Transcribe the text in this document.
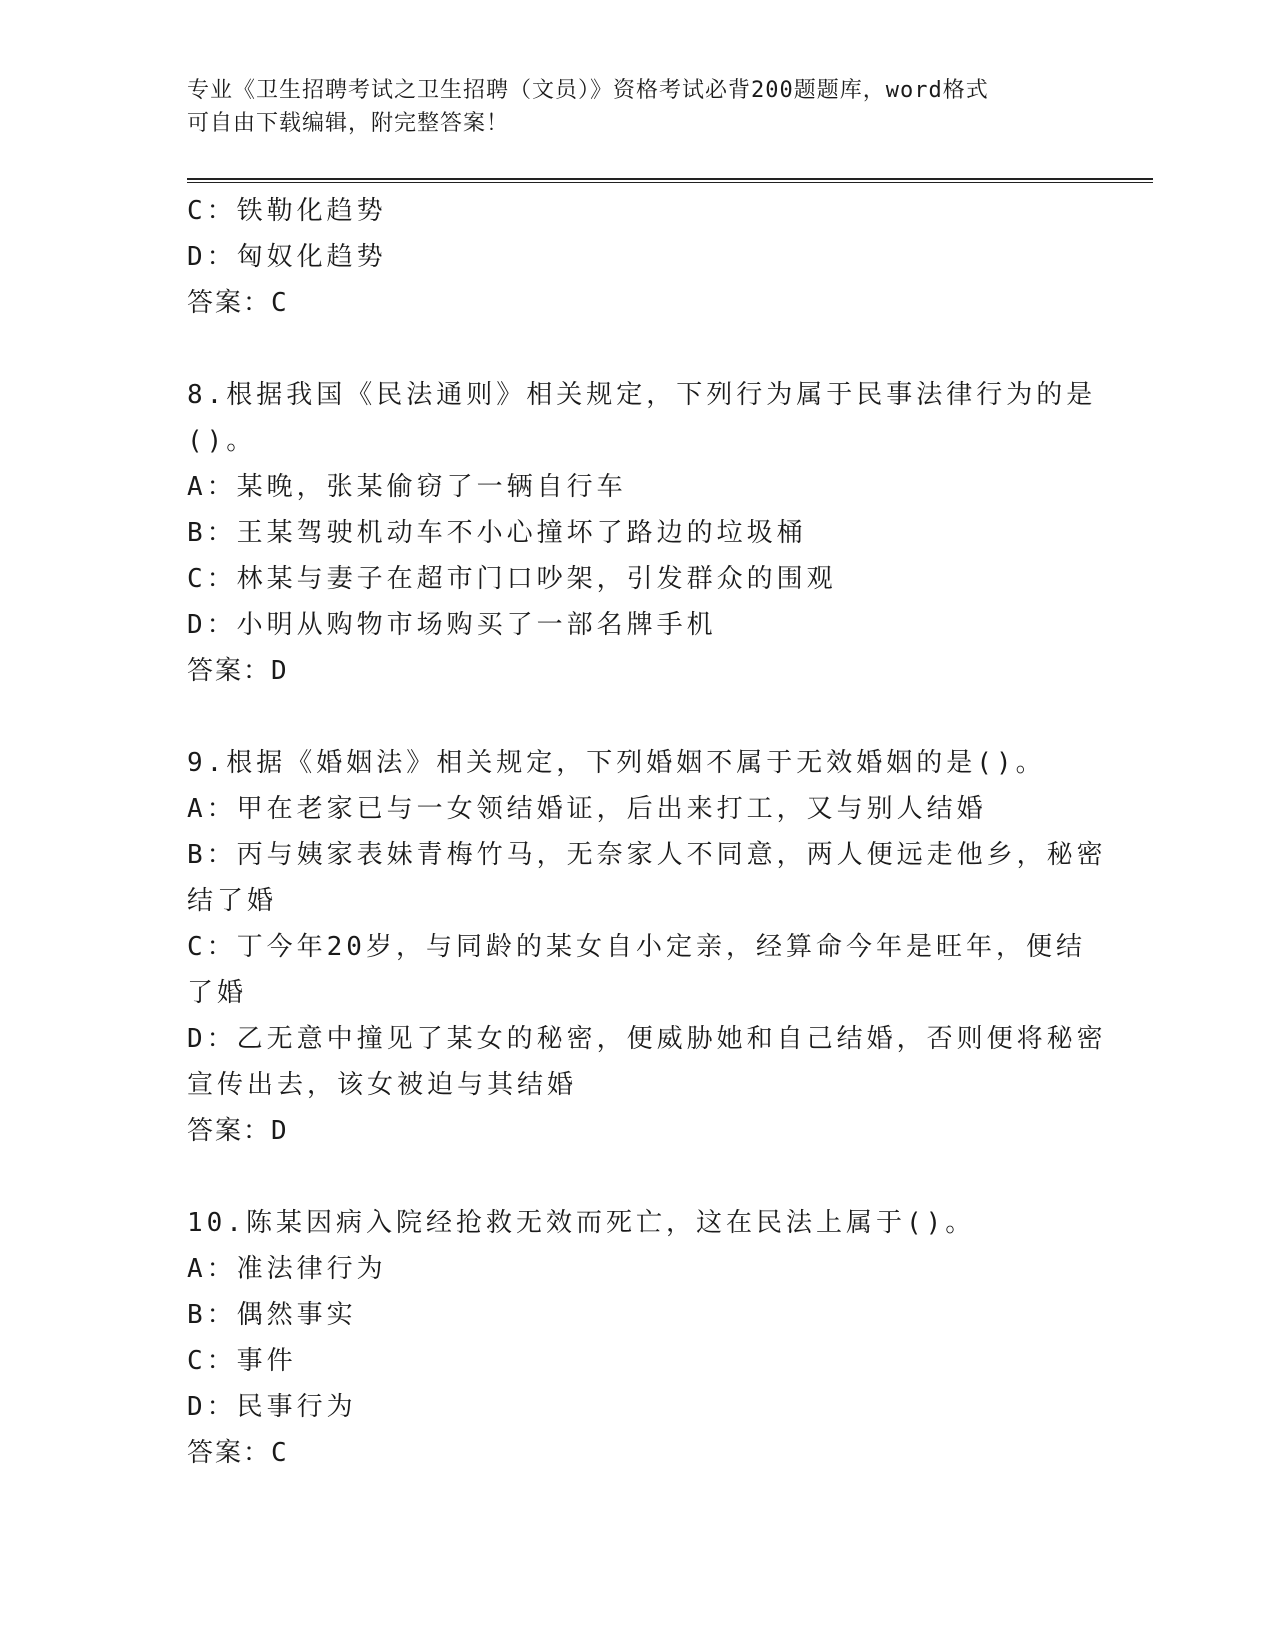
专业《卫生招聘考试之卫生招聘（文员）》资格考试必背200题题库，word格式
可自由下载编辑，附完整答案！
C：铁勒化趋势
D：匈奴化趋势
答案：C
8.根据我国《民法通则》相关规定，下列行为属于民事法律行为的是
()。
A：某晚，张某偷窃了一辆自行车
B：王某驾驶机动车不小心撞坏了路边的垃圾桶
C：林某与妻子在超市门口吵架，引发群众的围观
D：小明从购物市场购买了一部名牌手机
答案：D
9.根据《婚姻法》相关规定，下列婚姻不属于无效婚姻的是()。
A：甲在老家已与一女领结婚证，后出来打工，又与别人结婚
B：丙与姨家表妹青梅竹马，无奈家人不同意，两人便远走他乡，秘密
结了婚
C：丁今年20岁，与同龄的某女自小定亲，经算命今年是旺年，便结
了婚
D：乙无意中撞见了某女的秘密，便威胁她和自己结婚，否则便将秘密
宣传出去，该女被迫与其结婚
答案：D
10.陈某因病入院经抢救无效而死亡，这在民法上属于()。
A：准法律行为
B：偶然事实
C：事件
D：民事行为
答案：C
